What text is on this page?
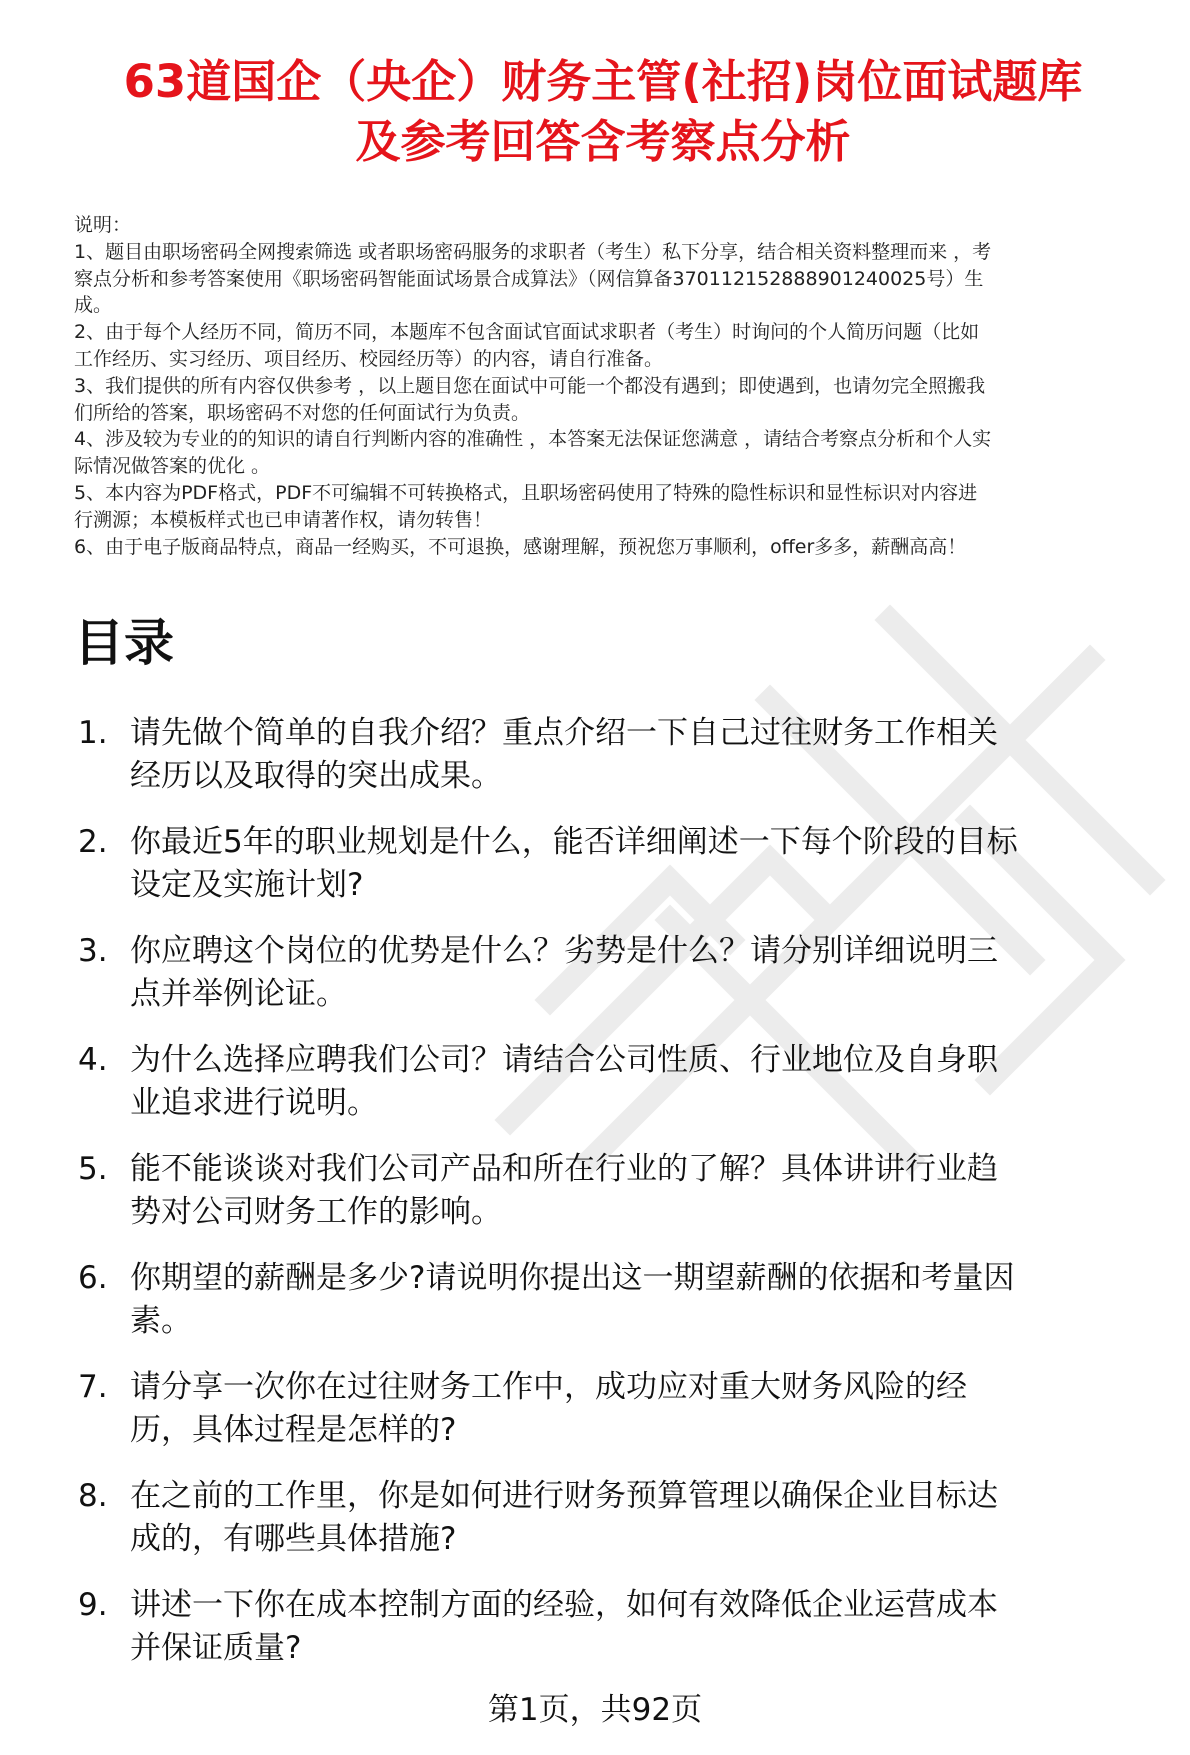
63道国企（央企）财务主管(社招)岗位面试题库
及参考回答含考察点分析
说明：
1、题目由职场密码全网搜索筛选 或者职场密码服务的求职者（考生）私下分享，结合相关资料整理而来 ，考
察点分析和参考答案使用《职场密码智能面试场景合成算法》（网信算备370112152888901240025号）生
成。
2、由于每个人经历不同，简历不同，本题库不包含面试官面试求职者（考生）时询问的个人简历问题（比如
工作经历、实习经历、项目经历、校园经历等）的内容，请自行准备。
3、我们提供的所有内容仅供参考 ，以上题目您在面试中可能一个都没有遇到；即使遇到，也请勿完全照搬我
们所给的答案，职场密码不对您的任何面试行为负责。
4、涉及较为专业的的知识的请自行判断内容的准确性 ，本答案无法保证您满意 ，请结合考察点分析和个人实
际情况做答案的优化 。
5、本内容为PDF格式，PDF不可编辑不可转换格式，且职场密码使用了特殊的隐性标识和显性标识对内容进
行溯源；本模板样式也已申请著作权，请勿转售！
6、由于电子版商品特点，商品一经购买，不可退换，感谢理解，预祝您万事顺利，offer多多，薪酬高高！
目录
1. 请先做个简单的自我介绍？重点介绍一下自己过往财务工作相关
经历以及取得的突出成果。
2. 你最近5年的职业规划是什么，能否详细阐述一下每个阶段的目标
设定及实施计划?
3. 你应聘这个岗位的优势是什么？劣势是什么？请分别详细说明三
点并举例论证。
4. 为什么选择应聘我们公司？请结合公司性质、行业地位及自身职
业追求进行说明。
5. 能不能谈谈对我们公司产品和所在行业的了解？具体讲讲行业趋
势对公司财务工作的影响。
6. 你期望的薪酬是多少?请说明你提出这一期望薪酬的依据和考量因
素。
7. 请分享一次你在过往财务工作中，成功应对重大财务风险的经
历，具体过程是怎样的?
8. 在之前的工作里，你是如何进行财务预算管理以确保企业目标达
成的，有哪些具体措施?
9. 讲述一下你在成本控制方面的经验，如何有效降低企业运营成本
并保证质量?
第1页，共92页
